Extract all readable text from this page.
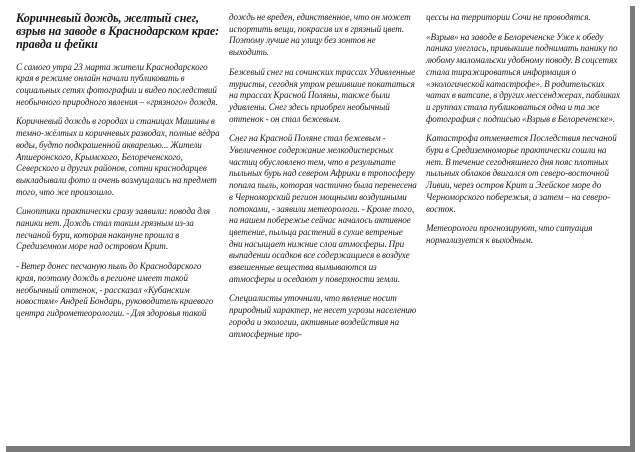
Коричневый дождь, желтый снег, взрыв на заводе в Краснодарском крае: правда и фейки

С самого утра 23 марта жители Краснодарского края в режиме онлайн начали публиковать в социальных сетях фотографии и видео последствий необычного природного явления – «грязного» дождя.

Коричневый дождь в городах и станицах Машины в темно-жёлтых и коричневых разводах, полные вёдра воды, будто подкрашенной акварелью... Жители Апшеронского, Крымского, Белореченского, Северского и других районов, сотни краснодарцев выкладывали фото и очень возмущались на предмет того, что же произошло.

Синоптики практически сразу заявили: повода для паники нет. Дождь стал таким грязным из-за песчаной бури, которая накануне прошла в Средиземном море над островом Крит.

- Ветер донес песчаную пыль до Краснодарского края, поэтому дождь в регионе имеет такой необычный оттенок, - рассказал «Кубанским новостям» Андрей Бондарь, руководитель краевого центра гидрометеорологии. - Для здоровья такой

дождь не вреден, единственное, что он может испортить вещи, покрасив их в грязный цвет. Поэтому лучше на улицу без зонтов не выходить.

Бежевый снег на сочинских трассах Удивленные туристы, сегодня утром решившие покататься на трассах Красной Поляны, также были удивлены. Снег здесь приобрел необычный оттенок - он стал бежевым.

Снег на Красной Поляне стал бежевым - Увеличенное содержание мелкодисперсных частиц обусловлено тем, что в результате пыльных бурь над севером Африки в тропосферу попала пыль, которая частично была перенесена в Черноморский регион мощными воздушными потоками, - заявили метеорологи. - Кроме того, на нашем побережье сейчас началось активное цветение, пыльца растений в сухие ветреные дни насыщает нижние слои атмосферы. При выпадении осадков все содержащиеся в воздухе взвешенные вещества вымываются из атмосферы и оседают у поверхности земли.

Специалисты уточнили, что явление носит природный характер, не несет угрозы населению города и экологии, активные воздействия на атмосферные про-

цессы на территории Сочи не проводятся.

«Взрыв» на заводе в Белореченске Уже к обеду паника улеглась, привыкшие поднимать панику по любому маломальски удобному поводу. В соцсетях стала тиражироваться информация о «экологической катастрофе». В родительских чатах в ватсапе, в других мессенджерах, пабликах и группах стала публиковаться одна и та же фотография с подписью «Взрыв в Белореченске».

Катастрофа отменяется Последствия песчаной бури в Средиземноморье практически сошли на нет. В течение сегодняшнего дня пояс плотных пыльных облаков двигался от северо-восточной Ливии, через остров Крит и Эгейское море до Черноморского побережья, а затем – на северо-восток.

Метеорологи прогнозируют, что ситуация нормализуется к выходным.
